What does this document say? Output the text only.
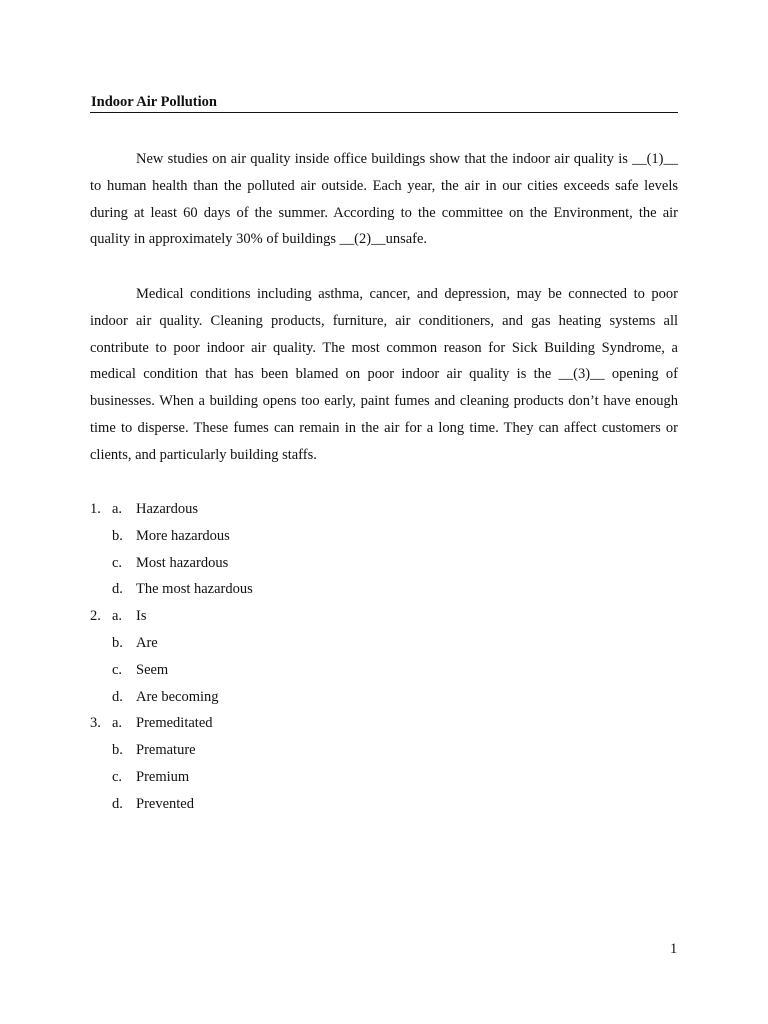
Indoor Air Pollution

New studies on air quality inside office buildings show that the indoor air quality is __(1)__ to human health than the polluted air outside. Each year, the air in our cities exceeds safe levels during at least 60 days of the summer. According to the committee on the Environment, the air quality in approximately 30% of buildings __(2)__unsafe.

Medical conditions including asthma, cancer, and depression, may be connected to poor indoor air quality. Cleaning products, furniture, air conditioners, and gas heating systems all contribute to poor indoor air quality. The most common reason for Sick Building Syndrome, a medical condition that has been blamed on poor indoor air quality is the __(3)__ opening of businesses. When a building opens too early, paint fumes and cleaning products don’t have enough time to disperse. These fumes can remain in the air for a long time. They can affect customers or clients, and particularly building staffs.

1. a. Hazardous
b. More hazardous
c. Most hazardous
d. The most hazardous
2. a. Is
b. Are
c. Seem
d. Are becoming
3. a. Premeditated
b. Premature
c. Premium
d. Prevented
1
